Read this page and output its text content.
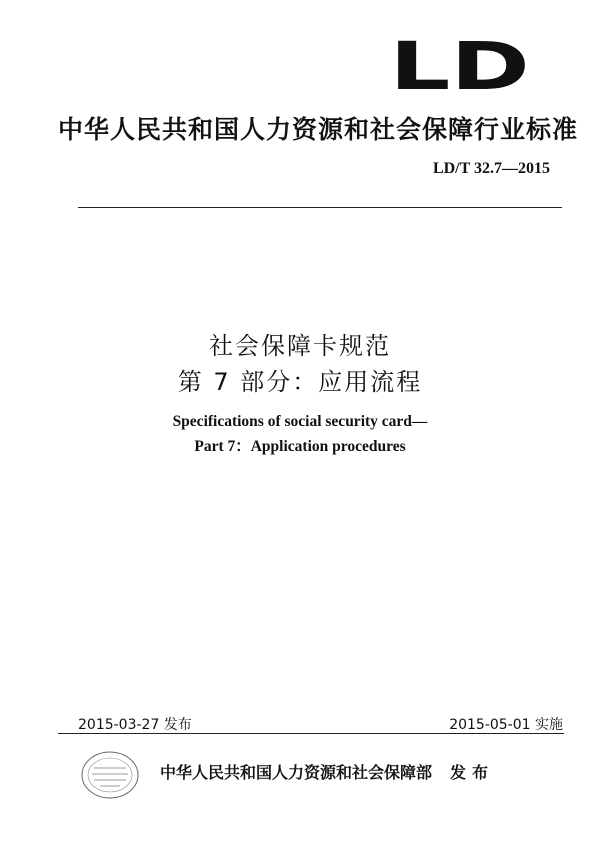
LD
中华人民共和国人力资源和社会保障行业标准
LD/T 32.7—2015
社会保障卡规范
第 7 部分：应用流程
Specifications of social security card—
Part 7：Application procedures
2015-03-27 发布	2015-05-01 实施
中华人民共和国人力资源和社会保障部 发布
